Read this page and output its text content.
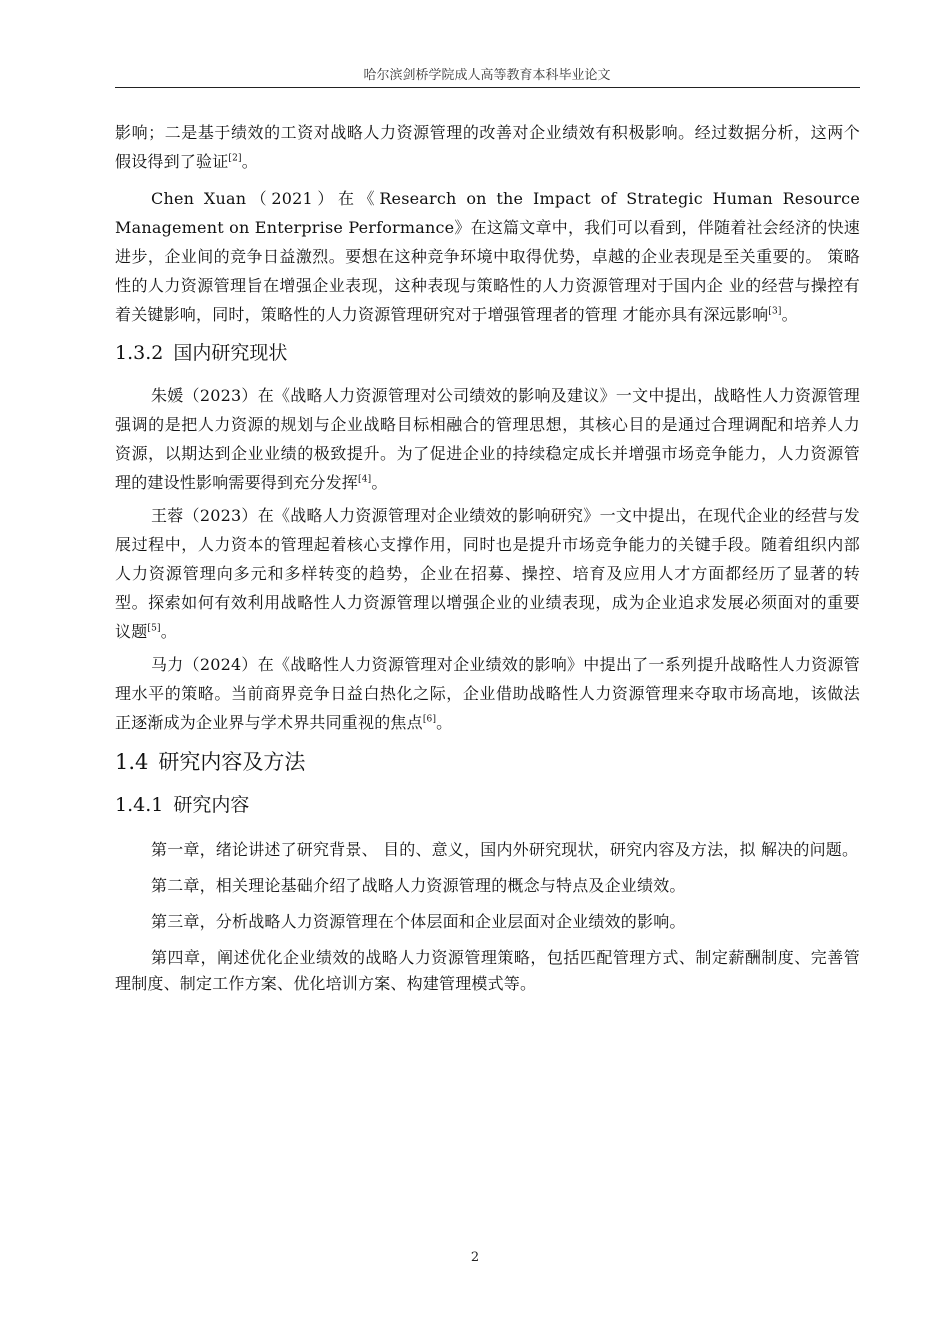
哈尔滨剑桥学院成人高等教育本科毕业论文

影响；二是基于绩效的工资对战略人力资源管理的改善对企业绩效有积极影响。经过数据分析，这两个假设得到了验证[2]。

Chen Xuan（2021）在《Research on the Impact of Strategic Human Resource Management on Enterprise Performance》在这篇文章中，我们可以看到，伴随着社会经济的快速进步，企业间的竞争日益激烈。要想在这种竞争环境中取得优势，卓越的企业表现是至关重要的。 策略性的人力资源管理旨在增强企业表现，这种表现与策略性的人力资源管理对于国内企 业的经营与操控有着关键影响，同时，策略性的人力资源管理研究对于增强管理者的管理 才能亦具有深远影响[3]。

1.3.2 国内研究现状

朱媛（2023）在《战略人力资源管理对公司绩效的影响及建议》一文中提出，战略性人力资源管理强调的是把人力资源的规划与企业战略目标相融合的管理思想，其核心目的是通过合理调配和培养人力资源，以期达到企业业绩的极致提升。为了促进企业的持续稳定成长并增强市场竞争能力，人力资源管理的建设性影响需要得到充分发挥[4]。

王蓉（2023）在《战略人力资源管理对企业绩效的影响研究》一文中提出，在现代企业的经营与发展过程中，人力资本的管理起着核心支撑作用，同时也是提升市场竞争能力的关键手段。随着组织内部人力资源管理向多元和多样转变的趋势，企业在招募、操控、培育及应用人才方面都经历了显著的转型。探索如何有效利用战略性人力资源管理以增强企业的业绩表现，成为企业追求发展必须面对的重要议题[5]。

马力（2024）在《战略性人力资源管理对企业绩效的影响》中提出了一系列提升战略性人力资源管理水平的策略。当前商界竞争日益白热化之际，企业借助战略性人力资源管理来夺取市场高地，该做法正逐渐成为企业界与学术界共同重视的焦点[6]。

1.4 研究内容及方法
1.4.1 研究内容

第一章，绪论讲述了研究背景、 目的、意义，国内外研究现状，研究内容及方法，拟 解决的问题。

第二章，相关理论基础介绍了战略人力资源管理的概念与特点及企业绩效。

第三章，分析战略人力资源管理在个体层面和企业层面对企业绩效的影响。

第四章，阐述优化企业绩效的战略人力资源管理策略，包括匹配管理方式、制定薪酬制度、完善管理制度、制定工作方案、优化培训方案、构建管理模式等。

2
